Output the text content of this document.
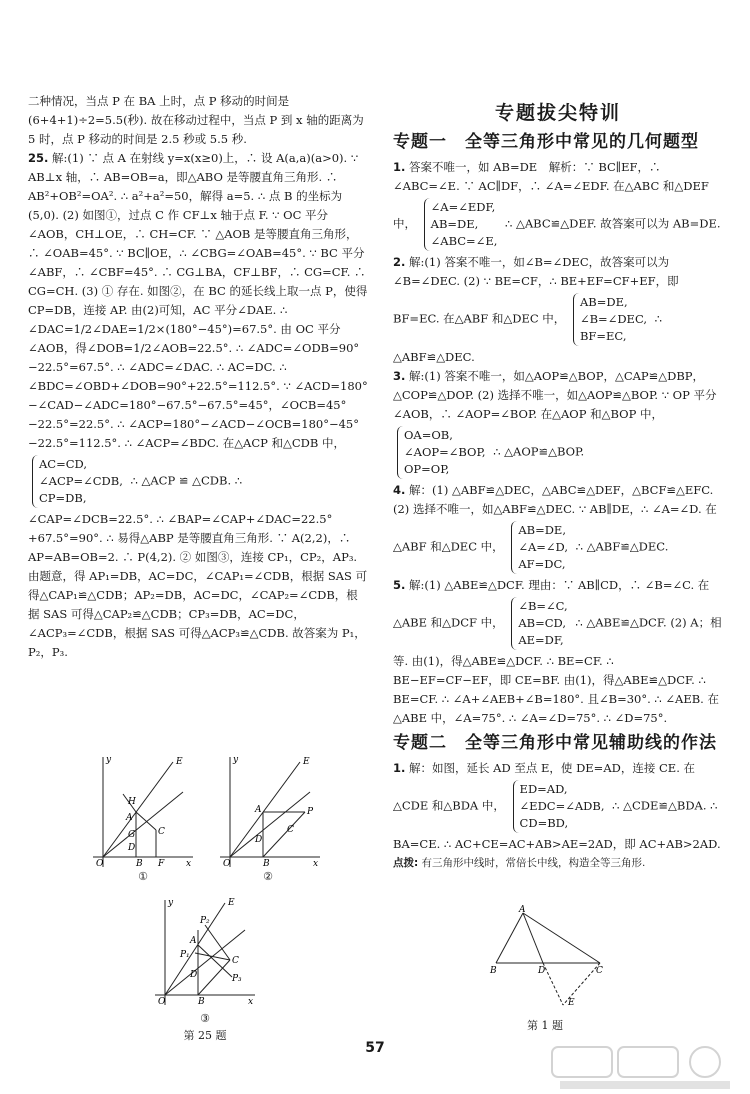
二种情况，当点 P 在 BA 上时，点 P 移动的时间是(6+4+1)÷2=5.5(秒). 故在移动过程中，当点 P 到 x 轴的距离为 5 时，点 P 移动的时间是 2.5 秒或 5.5 秒.

25. 解:(1) ∵ 点 A 在射线 y=x(x≥0)上，∴ 设 A(a,a)(a>0). ∵ AB⊥x 轴，∴ AB=OB=a，即△ABO 是等腰直角三角形. ∴ AB²+OB²=OA². ∴ a²+a²=50，解得 a=5. ∴ 点 B 的坐标为(5,0). (2) 如图①，过点 C 作 CF⊥x 轴于点 F. ∵ OC 平分∠AOB，CH⊥OE，∴ CH=CF. ∵ △AOB 是等腰直角三角形，∴ ∠OAB=45°. ∵ BC∥OE，∴ ∠CBG=∠OAB=45°. ∵ BC 平分∠ABF，∴ ∠CBF=45°. ∴ CG⊥BA，CF⊥BF，∴ CG=CF. ∴ CG=CH. (3) ① 存在. 如图②，在 BC 的延长线上取一点 P，使得 CP=DB，连接 AP. 由(2)可知，AC 平分∠DAE. ∴ ∠DAC=1/2∠DAE=1/2×(180°−45°)=67.5°. 由 OC 平分∠AOB，得∠DOB=1/2∠AOB=22.5°. ∴ ∠ADC=∠ODB=90°−22.5°=67.5°. ∴ ∠ADC=∠DAC. ∴ AC=DC. ∴ ∠BDC=∠OBD+∠DOB=90°+22.5°=112.5°. ∵ ∠ACD=180°−∠CAD−∠ADC=180°−67.5°−67.5°=45°，∠OCB=45°−22.5°=22.5°. ∴ ∠ACP=180°−∠ACD−∠OCB=180°−45°−22.5°=112.5°. ∴ ∠ACP=∠BDC. 在△ACP 和△CDB 中， AC=CD,
∠ACP=∠CDB,
CP=DB, ∴ △ACP ≌ △CDB. ∴ ∠CAP=∠DCB=22.5°. ∴ ∠BAP=∠CAP+∠DAC=22.5°+67.5°=90°. ∴ 易得△ABP 是等腰直角三角形. ∵ A(2,2)，∴ AP=AB=OB=2. ∴ P(4,2). ② 如图③，连接 CP₁，CP₂，AP₃. 由题意，得 AP₁=DB，AC=DC，∠CAP₁=∠CDB，根据 SAS 可得△CAP₁≌△CDB；AP₂=DB，AC=DC，∠CAP₂=∠CDB，根据 SAS 可得△CAP₂≌△CDB；CP₃=DB，AC=DC，∠ACP₃=∠CDB，根据 SAS 可得△ACP₃≌△CDB. 故答案为 P₁，P₂，P₃.

E
H
A
G	C
D
O	B F x
y
①
E
A
C
P
D
O	B	x
y
②
E
P₂
A
P₁
C
P₃
D
O	B	x
y
③
第 25 题
专题拔尖特训
专题一　全等三角形中常见的几何题型

1. 答案不唯一，如 AB=DE　解析：∵ BC∥EF，∴ ∠ABC=∠E. ∵ AC∥DF，∴ ∠A=∠EDF. 在△ABC 和△DEF 中， ∠A=∠EDF,
AB=DE,
∠ABC=∠E, ∴ △ABC≌△DEF. 故答案可以为 AB=DE.

2. 解:(1) 答案不唯一，如∠B=∠DEC，故答案可以为∠B=∠DEC. (2) ∵ BE=CF，∴ BE+EF=CF+EF，即 BF=EC. 在△ABF 和△DEC 中， AB=DE,
∠B=∠DEC,
BF=EC, ∴ △ABF≌△DEC.

3. 解:(1) 答案不唯一，如△AOP≌△BOP，△CAP≌△DBP，△COP≌△DOP. (2) 选择不唯一，如△AOP≌△BOP. ∵ OP 平分∠AOB，∴ ∠AOP=∠BOP. 在△AOP 和△BOP 中， OA=OB,
∠AOP=∠BOP,
OP=OP, ∴ △AOP≌△BOP.

4. 解：(1) △ABF≌△DEC，△ABC≌△DEF，△BCF≌△EFC. (2) 选择不唯一，如△ABF≌△DEC. ∵ AB∥DE，∴ ∠A=∠D. 在△ABF 和△DEC 中， AB=DE,
∠A=∠D,
AF=DC, ∴ △ABF≌△DEC.

5. 解:(1) △ABE≌△DCF. 理由：∵ AB∥CD，∴ ∠B=∠C. 在△ABE 和△DCF 中， ∠B=∠C,
AB=CD,
AE=DF, ∴ △ABE≌△DCF. (2) A；相等. 由(1)，得△ABE≌△DCF. ∴ BE=CF. ∴ BE−EF=CF−EF，即 CE=BF. 由(1)，得△ABE≌△DCF. ∴ BE=CF. ∴ ∠A+∠AEB+∠B=180°. 且∠B=30°. ∴ ∠AEB. 在△ABE 中，∠A=75°. ∴ ∠A=∠D=75°. ∴ ∠D=75°.

专题二　全等三角形中常见辅助线的作法

1. 解：如图，延长 AD 至点 E，使 DE=AD，连接 CE. 在△CDE 和△BDA 中， ED=AD,
∠EDC=∠ADB,
CD=BD, ∴ △CDE≌△BDA. ∴ BA=CE. ∴ AC+CE=AC+AB>AE=2AD，即 AC+AB>2AD.

点拨: 有三角形中线时，常倍长中线，构造全等三角形.

A
B	D	C
E
第 1 题
57
